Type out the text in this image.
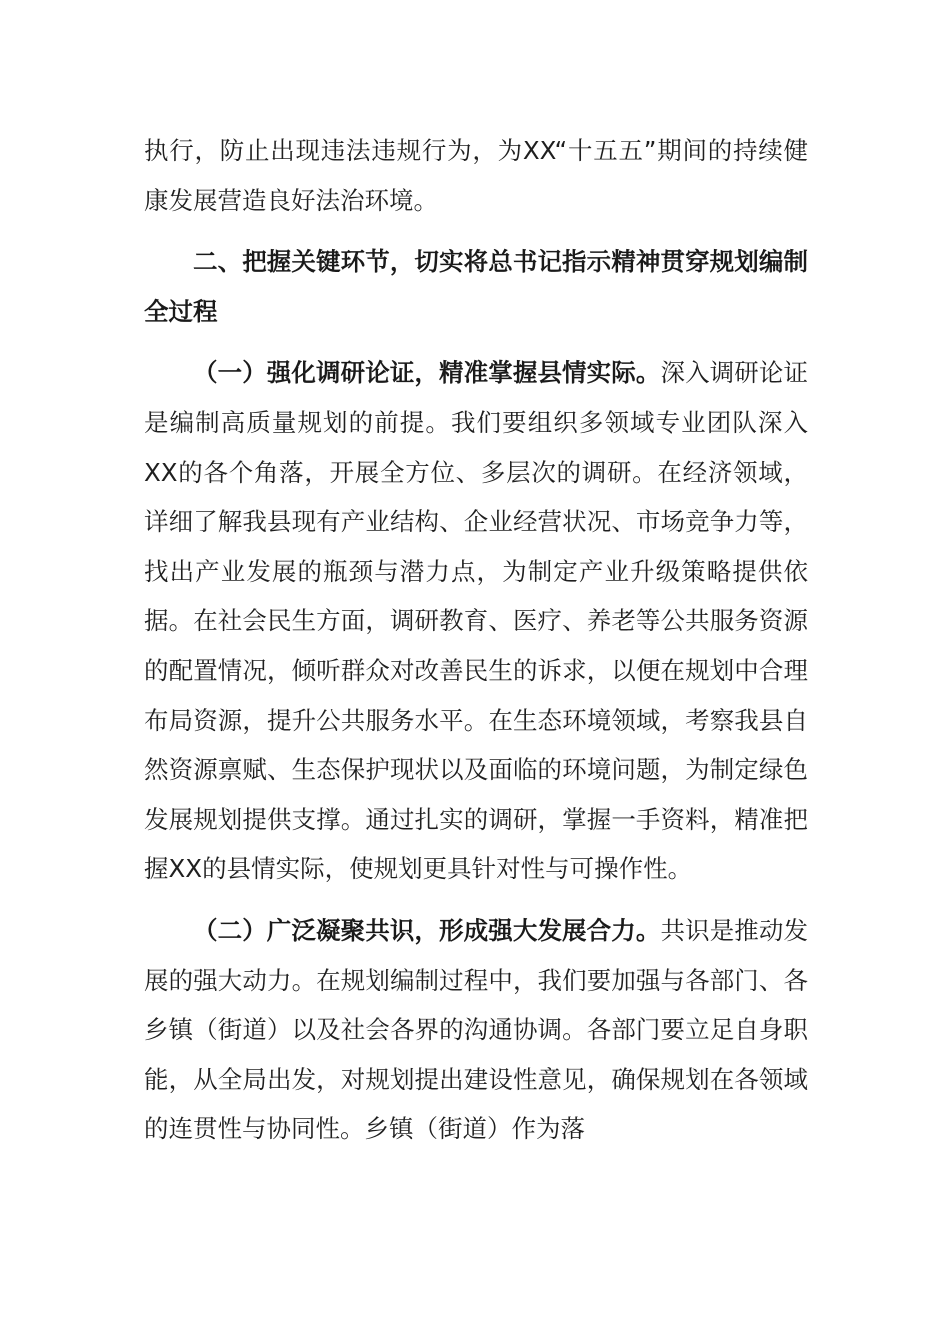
执行，防止出现违法违规行为，为XX“十五五”期间的持续健康发展营造良好法治环境。

二、把握关键环节，切实将总书记指示精神贯穿规划编制全过程

（一）强化调研论证，精准掌握县情实际。深入调研论证是编制高质量规划的前提。我们要组织多领域专业团队深入XX的各个角落，开展全方位、多层次的调研。在经济领域，详细了解我县现有产业结构、企业经营状况、市场竞争力等，找出产业发展的瓶颈与潜力点，为制定产业升级策略提供依据。在社会民生方面，调研教育、医疗、养老等公共服务资源的配置情况，倾听群众对改善民生的诉求，以便在规划中合理布局资源，提升公共服务水平。在生态环境领域，考察我县自然资源禀赋、生态保护现状以及面临的环境问题，为制定绿色发展规划提供支撑。通过扎实的调研，掌握一手资料，精准把握XX的县情实际，使规划更具针对性与可操作性。

（二）广泛凝聚共识，形成强大发展合力。共识是推动发展的强大动力。在规划编制过程中，我们要加强与各部门、各乡镇（街道）以及社会各界的沟通协调。各部门要立足自身职能，从全局出发，对规划提出建设性意见，确保规划在各领域的连贯性与协同性。乡镇（街道）作为落
